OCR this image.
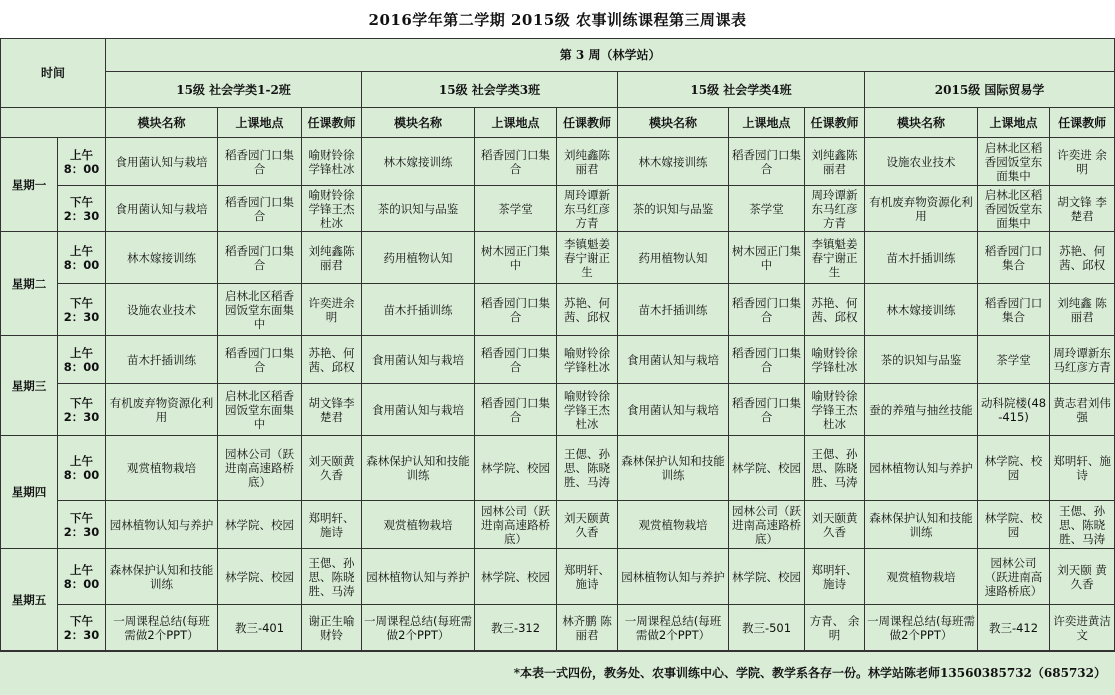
2016学年第二学期 2015级 农事训练课程第三周课表
时间		第 3 周（林学站）											
		15级 社会学类1-2班			15级 社会学类3班			15级 社会学类4班			2015级 国际贸易学		
		模块名称	上课地点	任课教师	模块名称	上课地点	任课教师	模块名称	上课地点	任课教师	模块名称	上课地点	任课教师
星期一	上午
8：00	食用菌认知与栽培	稻香园门口集合	喻财铃徐学锋杜冰	林木嫁接训练	稻香园门口集合	刘纯鑫陈丽君	林木嫁接训练	稻香园门口集合	刘纯鑫陈丽君	设施农业技术	启林北区稻香园饭堂东面集中	许奕进 余明
	下午
2：30	食用菌认知与栽培	稻香园门口集合	喻财铃徐学锋王杰杜冰	茶的识知与品鉴	茶学堂	周玲谭新东马红彦方青	茶的识知与品鉴	茶学堂	周玲谭新东马红彦方青	有机废弃物资源化利用	启林北区稻香园饭堂东面集中	胡文锋 李楚君
星期二	上午
8：00	林木嫁接训练	稻香园门口集合	刘纯鑫陈丽君	药用植物认知	树木园正门集中	李镇魁姜春宁谢正生	药用植物认知	树木园正门集中	李镇魁姜春宁谢正生	苗木扦插训练	稻香园门口集合	苏艳、何茜、邱权
	下午
2：30	设施农业技术	启林北区稻香园饭堂东面集中	许奕进余明	苗木扦插训练	稻香园门口集合	苏艳、何茜、邱权	苗木扦插训练	稻香园门口集合	苏艳、何茜、邱权	林木嫁接训练	稻香园门口集合	刘纯鑫 陈丽君
星期三	上午
8：00	苗木扦插训练	稻香园门口集合	苏艳、何茜、邱权	食用菌认知与栽培	稻香园门口集合	喻财铃徐学锋杜冰	食用菌认知与栽培	稻香园门口集合	喻财铃徐学锋杜冰	茶的识知与品鉴	茶学堂	周玲谭新东马红彦方青
	下午
2：30	有机废弃物资源化利用	启林北区稻香园饭堂东面集中	胡文锋李楚君	食用菌认知与栽培	稻香园门口集合	喻财铃徐学锋王杰杜冰	食用菌认知与栽培	稻香园门口集合	喻财铃徐学锋王杰杜冰	蚕的养殖与抽丝技能	动科院楼(48-415)	黄志君刘伟强
星期四	上午
8：00	观赏植物栽培	园林公司（跃进南高速路桥底）	刘天颐黄久香	森林保护认知和技能训练	林学院、校园	王偲、孙思、陈晓胜、马涛	森林保护认知和技能训练	林学院、校园	王偲、孙思、陈晓胜、马涛	园林植物认知与养护	林学院、校园	郑明轩、施诗
	下午
2：30	园林植物认知与养护	林学院、校园	郑明轩、施诗	观赏植物栽培	园林公司（跃进南高速路桥底）	刘天颐黄久香	观赏植物栽培	园林公司（跃进南高速路桥底）	刘天颐黄久香	森林保护认知和技能训练	林学院、校园	王偲、孙思、陈晓胜、马涛
星期五	上午
8：00	森林保护认知和技能训练	林学院、校园	王偲、孙思、陈晓胜、马涛	园林植物认知与养护	林学院、校园	郑明轩、施诗	园林植物认知与养护	林学院、校园	郑明轩、施诗	观赏植物栽培	园林公司（跃进南高速路桥底）	刘天颐 黄久香
	下午
2：30	一周课程总结(每班需做2个PPT）	教三-401	谢正生喻财铃	一周课程总结(每班需做2个PPT）	教三-312	林齐鹏 陈丽君	一周课程总结(每班需做2个PPT）	教三-501	方青、 余明	一周课程总结(每班需做2个PPT）	教三-412	许奕进黄洁文
*本表一式四份，教务处、农事训练中心、学院、教学系各存一份。林学站陈老师13560385732（685732）
